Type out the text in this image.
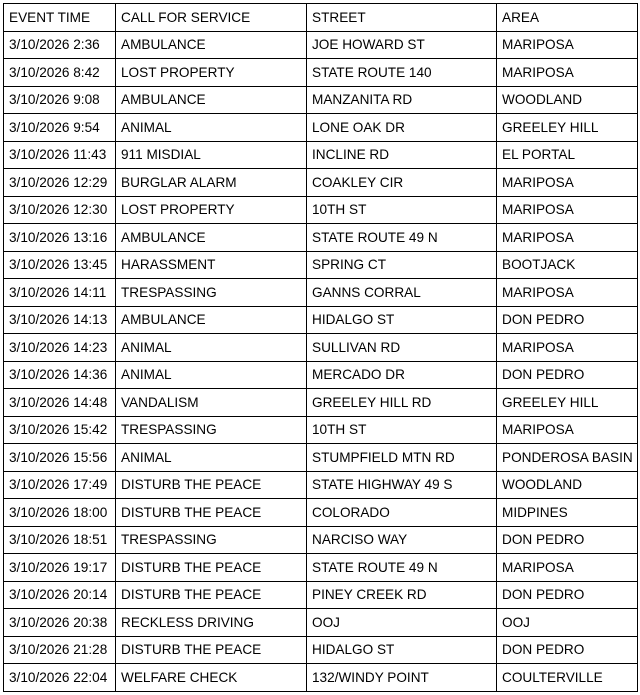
EVENT TIME	CALL FOR SERVICE	STREET	AREA
3/10/2026 2:36	AMBULANCE	JOE HOWARD ST	MARIPOSA
3/10/2026 8:42	LOST PROPERTY	STATE ROUTE 140	MARIPOSA
3/10/2026 9:08	AMBULANCE	MANZANITA RD	WOODLAND
3/10/2026 9:54	ANIMAL	LONE OAK DR	GREELEY HILL
3/10/2026 11:43	911 MISDIAL	INCLINE RD	EL PORTAL
3/10/2026 12:29	BURGLAR ALARM	COAKLEY CIR	MARIPOSA
3/10/2026 12:30	LOST PROPERTY	10TH ST	MARIPOSA
3/10/2026 13:16	AMBULANCE	STATE ROUTE 49 N	MARIPOSA
3/10/2026 13:45	HARASSMENT	SPRING CT	BOOTJACK
3/10/2026 14:11	TRESPASSING	GANNS CORRAL	MARIPOSA
3/10/2026 14:13	AMBULANCE	HIDALGO ST	DON PEDRO
3/10/2026 14:23	ANIMAL	SULLIVAN RD	MARIPOSA
3/10/2026 14:36	ANIMAL	MERCADO DR	DON PEDRO
3/10/2026 14:48	VANDALISM	GREELEY HILL RD	GREELEY HILL
3/10/2026 15:42	TRESPASSING	10TH ST	MARIPOSA
3/10/2026 15:56	ANIMAL	STUMPFIELD MTN RD	PONDEROSA BASIN
3/10/2026 17:49	DISTURB THE PEACE	STATE HIGHWAY 49 S	WOODLAND
3/10/2026 18:00	DISTURB THE PEACE	COLORADO	MIDPINES
3/10/2026 18:51	TRESPASSING	NARCISO WAY	DON PEDRO
3/10/2026 19:17	DISTURB THE PEACE	STATE ROUTE 49 N	MARIPOSA
3/10/2026 20:14	DISTURB THE PEACE	PINEY CREEK RD	DON PEDRO
3/10/2026 20:38	RECKLESS DRIVING	OOJ	OOJ
3/10/2026 21:28	DISTURB THE PEACE	HIDALGO ST	DON PEDRO
3/10/2026 22:04	WELFARE CHECK	132/WINDY POINT	COULTERVILLE
